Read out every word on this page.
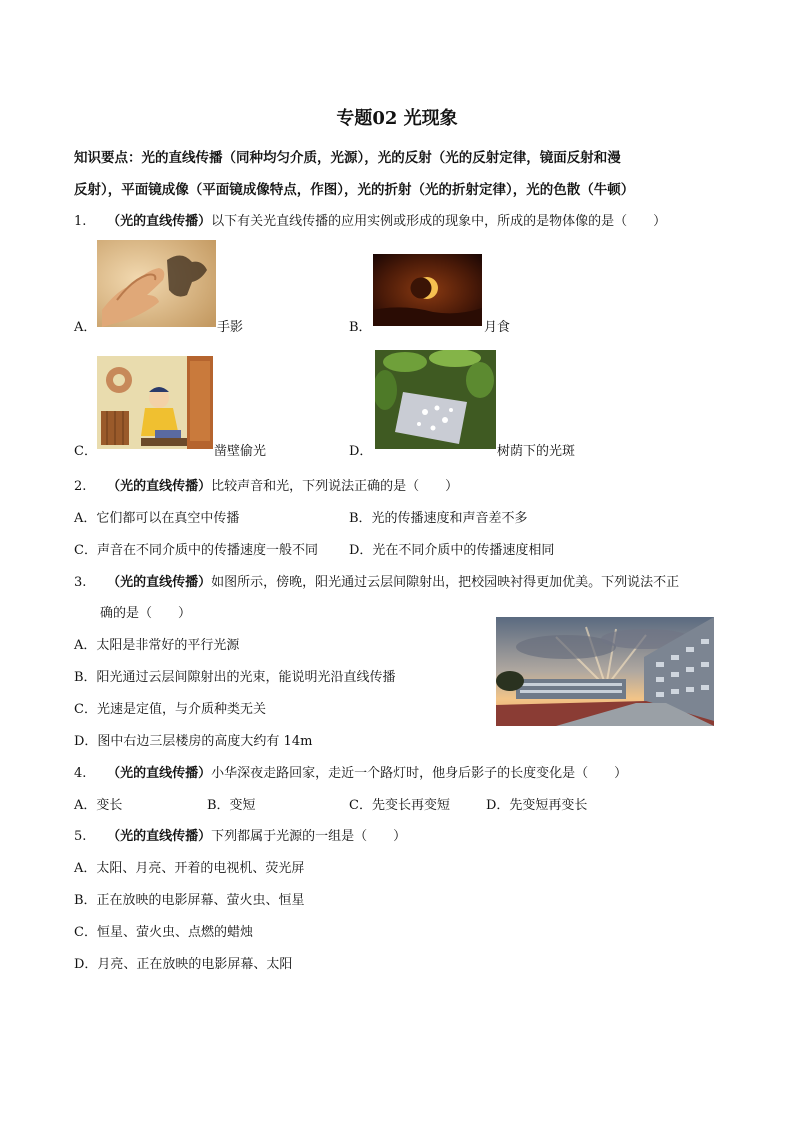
专题02 光现象
知识要点：光的直线传播（同种均匀介质，光源），光的反射（光的反射定律，镜面反射和漫
反射），平面镜成像（平面镜成像特点，作图），光的折射（光的折射定律），光的色散（牛顿）
1. （光的直线传播）以下有关光直线传播的应用实例或形成的现象中，所成的是物体像的是（　　）
A．	手影	B．	月食
C．	凿壁偷光	D．	树荫下的光斑
2. （光的直线传播）比较声音和光，下列说法正确的是（　　）
A．它们都可以在真空中传播	B．光的传播速度和声音差不多
C．声音在不同介质中的传播速度一般不同 D．光在不同介质中的传播速度相同
3. （光的直线传播）如图所示，傍晚，阳光通过云层间隙射出，把校园映衬得更加优美。下列说法不正
确的是（　　）
A．太阳是非常好的平行光源
B．阳光通过云层间隙射出的光束，能说明光沿直线传播
C．光速是定值，与介质种类无关
D．图中右边三层楼房的高度大约有 14m
4. （光的直线传播）小华深夜走路回家，走近一个路灯时，他身后影子的长度变化是（　　）
A．变长	B．变短	C．先变长再变短	D．先变短再变长
5. （光的直线传播）下列都属于光源的一组是（　　）
A．太阳、月亮、开着的电视机、荧光屏
B．正在放映的电影屏幕、萤火虫、恒星
C．恒星、萤火虫、点燃的蜡烛
D．月亮、正在放映的电影屏幕、太阳
